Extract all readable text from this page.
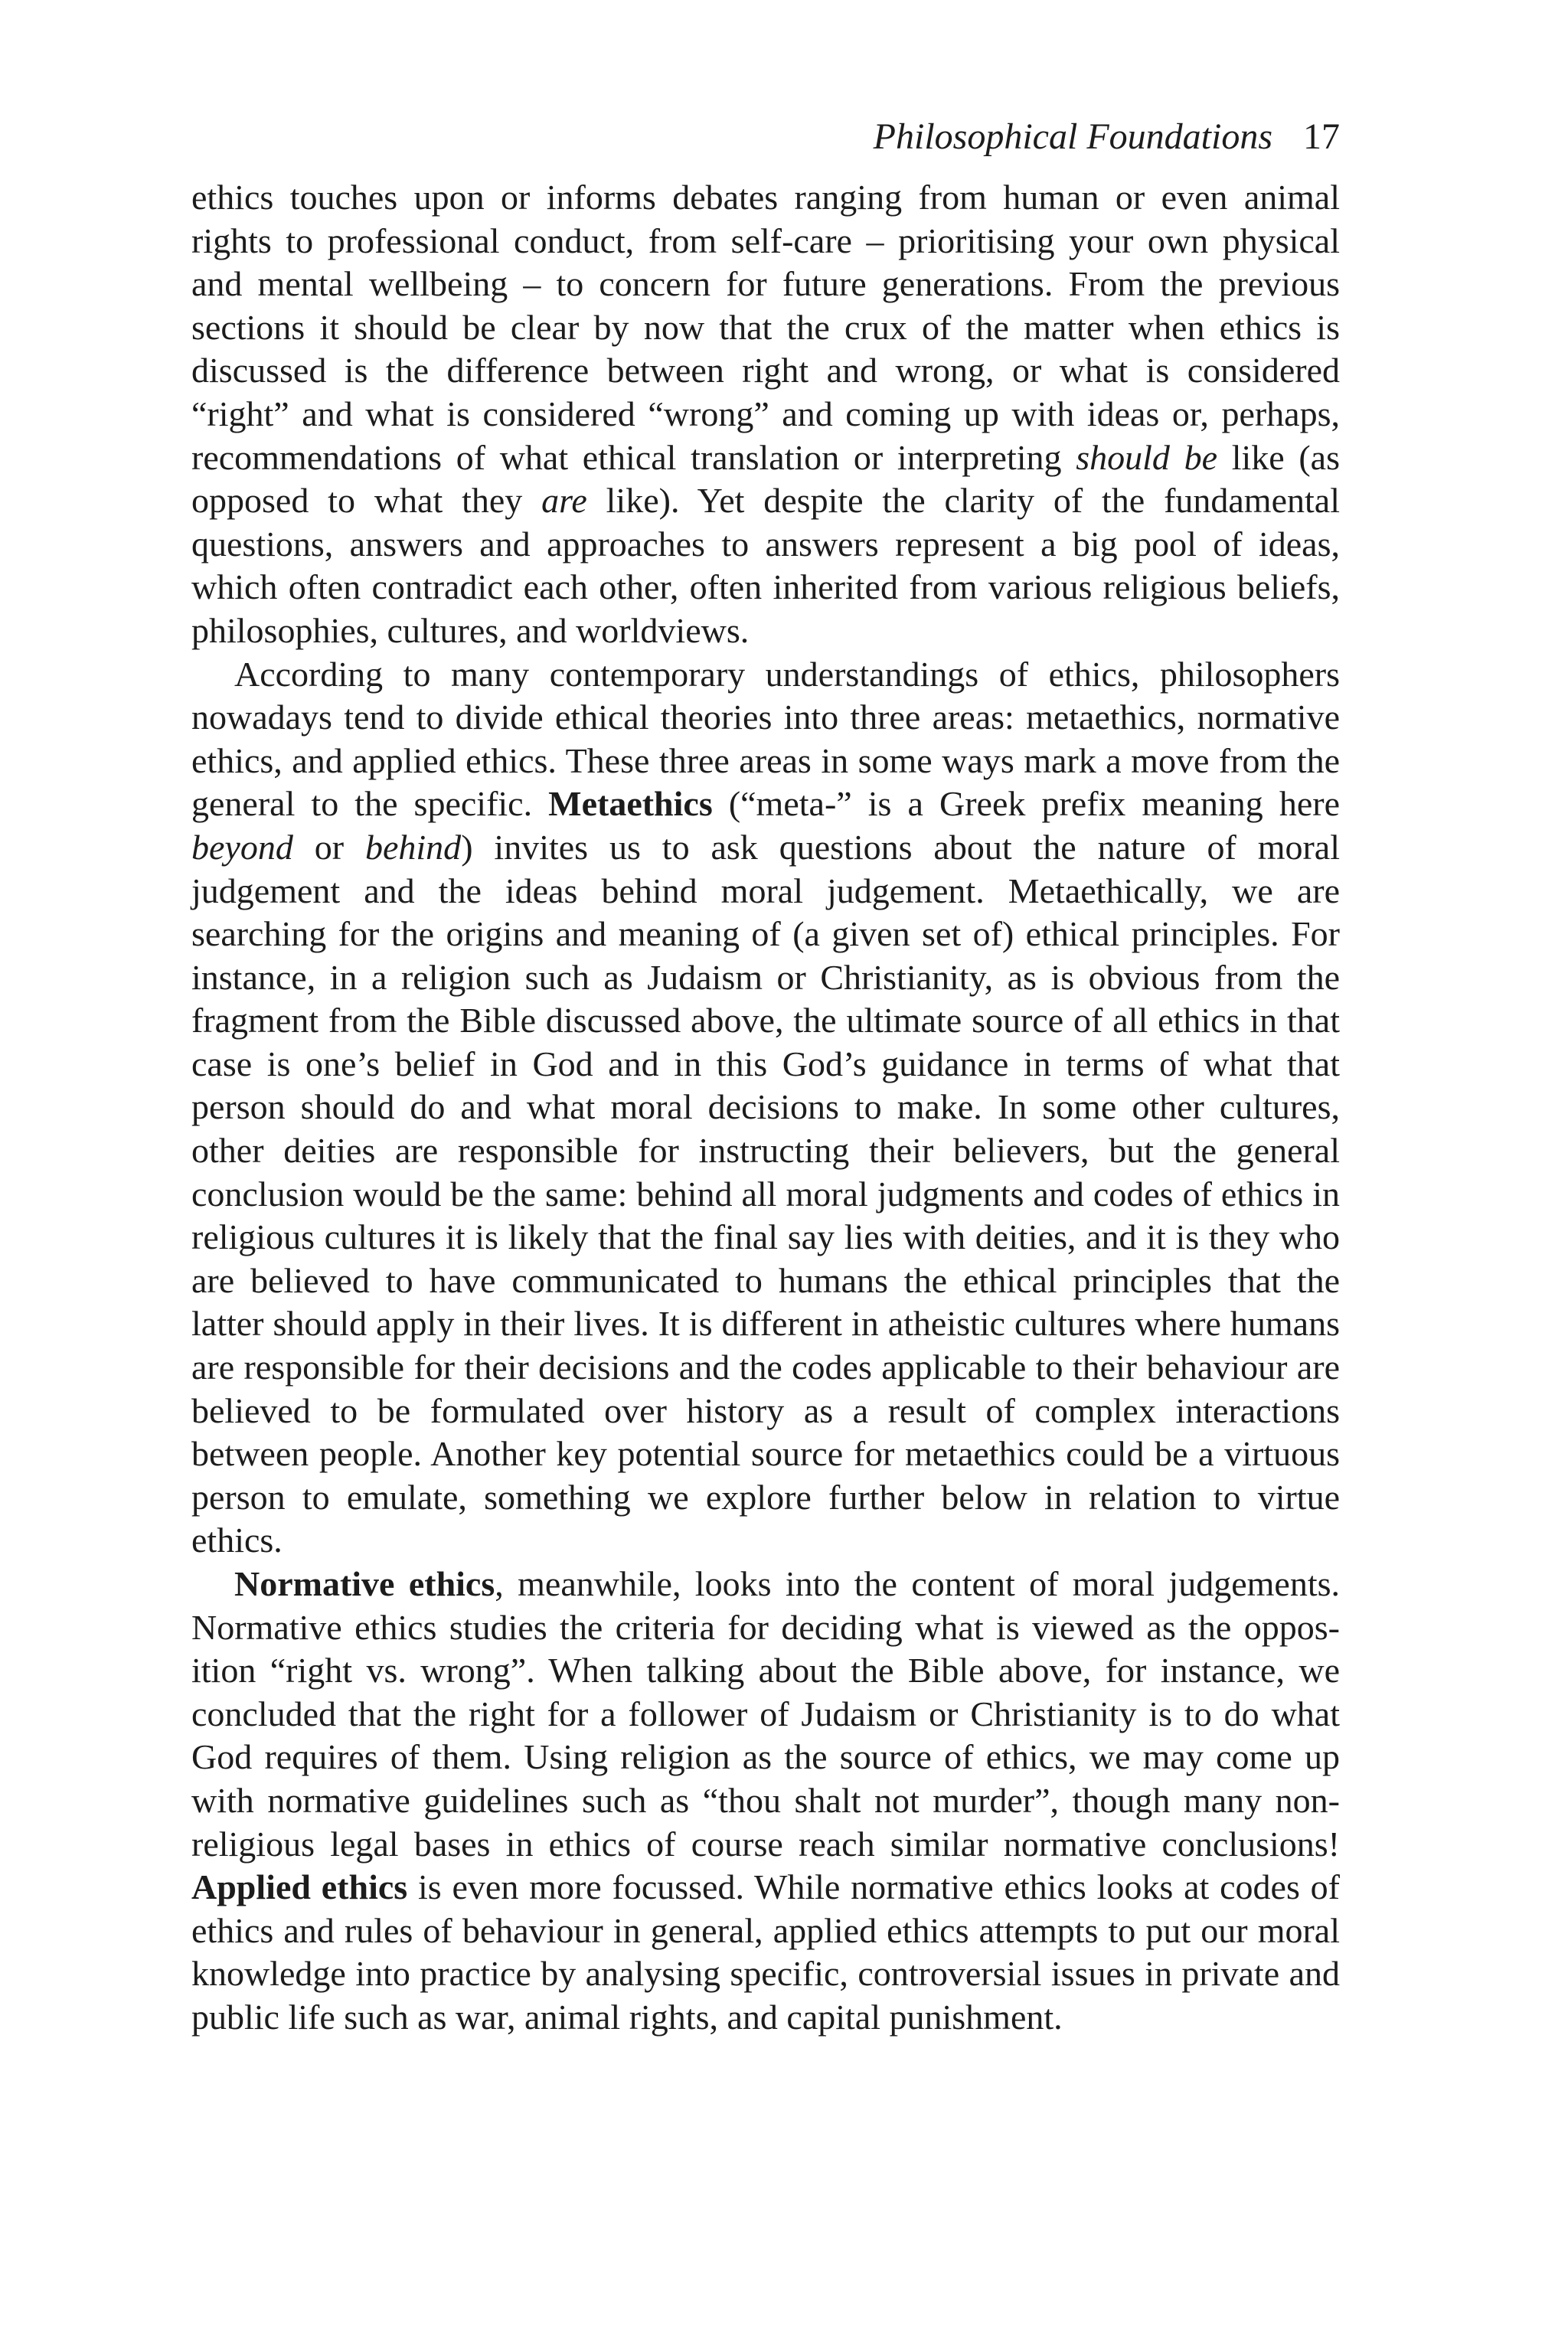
Philosophical Foundations 17

ethics touches upon or informs debates ranging from human or even animal rights to professional conduct, from self-care – prioritising your own physical and mental wellbeing – to concern for future generations. From the previous sections it should be clear by now that the crux of the matter when ethics is discussed is the difference between right and wrong, or what is considered “right” and what is considered “wrong” and coming up with ideas or, perhaps, recommendations of what ethical translation or interpreting should be like (as opposed to what they are like). Yet despite the clarity of the fundamental questions, answers and approaches to answers represent a big pool of ideas, which often contradict each other, often inherited from various religious beliefs, philosophies, cultures, and worldviews.

According to many contemporary understandings of ethics, philosophers nowadays tend to divide ethical theories into three areas: metaethics, normative ethics, and applied ethics. These three areas in some ways mark a move from the general to the specific. Metaethics (“meta-” is a Greek prefix meaning here beyond or behind) invites us to ask questions about the nature of moral judgement and the ideas behind moral judgement. Metaethically, we are searching for the origins and meaning of (a given set of) ethical principles. For instance, in a religion such as Judaism or Christianity, as is obvious from the fragment from the Bible discussed above, the ultimate source of all ethics in that case is one’s belief in God and in this God’s guidance in terms of what that person should do and what moral decisions to make. In some other cultures, other deities are responsible for instructing their believers, but the general conclusion would be the same: behind all moral judgments and codes of ethics in religious cultures it is likely that the final say lies with deities, and it is they who are believed to have communicated to humans the ethical principles that the latter should apply in their lives. It is different in atheistic cultures where humans are responsible for their decisions and the codes applicable to their behaviour are believed to be formulated over history as a result of complex interactions between people. Another key potential source for metaethics could be a virtuous person to emulate, something we explore further below in relation to virtue ethics.

Normative ethics, meanwhile, looks into the content of moral judgements. Normative ethics studies the criteria for deciding what is viewed as the opposition “right vs. wrong”. When talking about the Bible above, for instance, we concluded that the right for a follower of Judaism or Christianity is to do what God requires of them. Using religion as the source of ethics, we may come up with normative guidelines such as “thou shalt not murder”, though many non-religious legal bases in ethics of course reach similar normative conclusions! Applied ethics is even more focussed. While normative ethics looks at codes of ethics and rules of behaviour in general, applied ethics attempts to put our moral knowledge into practice by analysing specific, controversial issues in private and public life such as war, animal rights, and capital punishment.
